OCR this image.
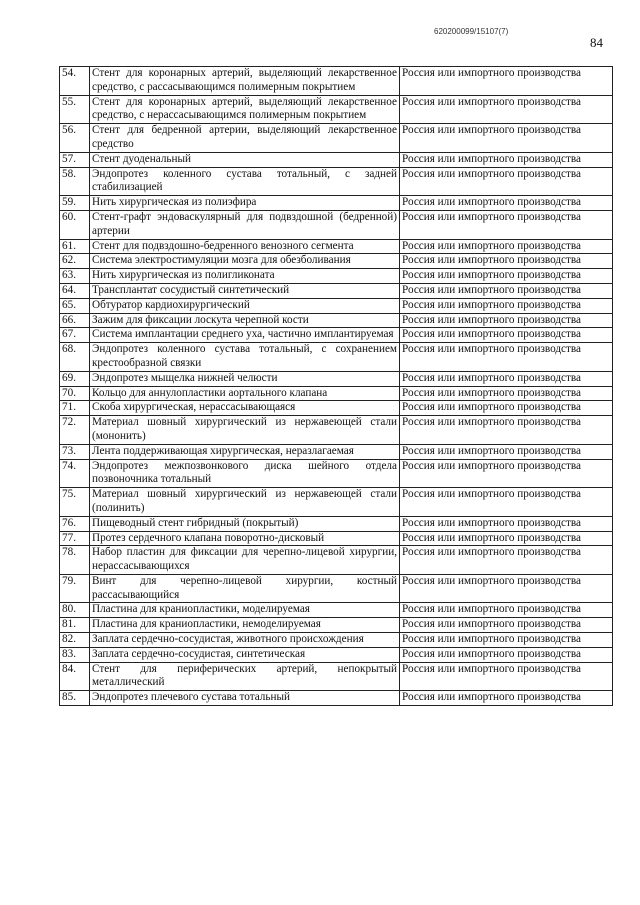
620200099/15107(7)
84
54.	Стент для коронарных артерий, выделяющий лекарственное средство, с рассасывающимся полимерным покрытием	Россия или импортного производства
55.	Стент для коронарных артерий, выделяющий лекарственное средство, с нерассасывающимся полимерным покрытием	Россия или импортного производства
56.	Стент для бедренной артерии, выделяющий лекарственное средство	Россия или импортного производства
57.	Стент дуоденальный	Россия или импортного производства
58.	Эндопротез коленного сустава тотальный, с задней стабилизацией	Россия или импортного производства
59.	Нить хирургическая из полиэфира	Россия или импортного производства
60.	Стент-графт эндоваскулярный для подвздошной (бедренной) артерии	Россия или импортного производства
61.	Стент для подвздошно-бедренного венозного сегмента	Россия или импортного производства
62.	Система электростимуляции мозга для обезболивания	Россия или импортного производства
63.	Нить хирургическая из полигликоната	Россия или импортного производства
64.	Трансплантат сосудистый синтетический	Россия или импортного производства
65.	Обтуратор кардиохирургический	Россия или импортного производства
66.	Зажим для фиксации лоскута черепной кости	Россия или импортного производства
67.	Система имплантации среднего уха, частично имплантируемая	Россия или импортного производства
68.	Эндопротез коленного сустава тотальный, с сохранением крестообразной связки	Россия или импортного производства
69.	Эндопротез мыщелка нижней челюсти	Россия или импортного производства
70.	Кольцо для аннулопластики аортального клапана	Россия или импортного производства
71.	Скоба хирургическая, нерассасывающаяся	Россия или импортного производства
72.	Материал шовный хирургический из нержавеющей стали (мононить)	Россия или импортного производства
73.	Лента поддерживающая хирургическая, неразлагаемая	Россия или импортного производства
74.	Эндопротез межпозвонкового диска шейного отдела позвоночника тотальный	Россия или импортного производства
75.	Материал шовный хирургический из нержавеющей стали (полинить)	Россия или импортного производства
76.	Пищеводный стент гибридный (покрытый)	Россия или импортного производства
77.	Протез сердечного клапана поворотно-дисковый	Россия или импортного производства
78.	Набор пластин для фиксации для черепно-лицевой хирургии, нерассасывающихся	Россия или импортного производства
79.	Винт для черепно-лицевой хирургии, костный рассасывающийся	Россия или импортного производства
80.	Пластина для краниопластики, моделируемая	Россия или импортного производства
81.	Пластина для краниопластики, немоделируемая	Россия или импортного производства
82.	Заплата сердечно-сосудистая, животного происхождения	Россия или импортного производства
83.	Заплата сердечно-сосудистая, синтетическая	Россия или импортного производства
84.	Стент для периферических артерий, непокрытый металлический	Россия или импортного производства
85.	Эндопротез плечевого сустава тотальный	Россия или импортного производства
